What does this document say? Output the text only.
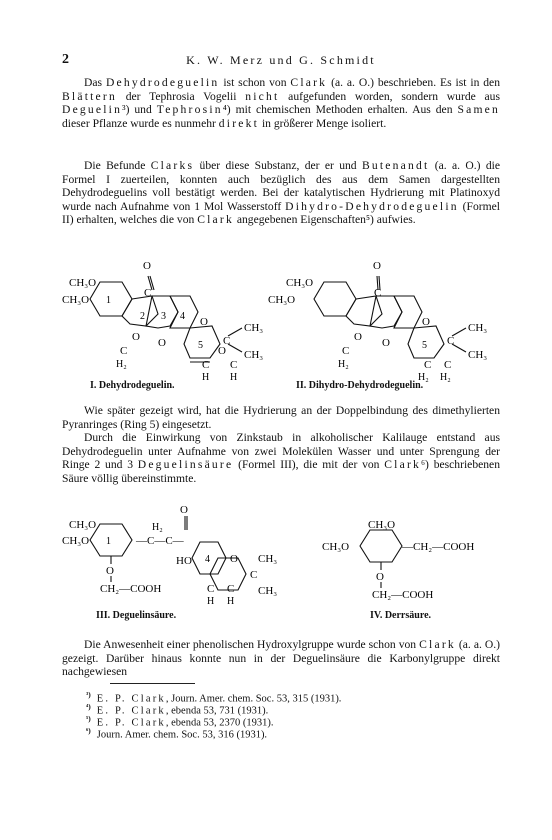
2	K. W. Merz und G. Schmidt

Das Dehydrodeguelin ist schon von Clark (a. a. O.) beschrieben. Es ist in den Blättern der Tephrosia Vogelii nicht aufgefunden worden, sondern wurde aus Deguelin³) und Tephrosin⁴) mit chemischen Methoden erhalten. Aus den Samen dieser Pflanze wurde es nunmehr direkt in größerer Menge isoliert.

Die Befunde Clarks über diese Substanz, der er und Butenandt (a. a. O.) die Formel I zuerteilen, konnten auch bezüglich des aus dem Samen dargestellten Dehydrodeguelins voll bestätigt werden. Bei der katalytischen Hydrierung mit Platinoxyd wurde nach Aufnahme von 1 Mol Wasserstoff Dihydro-Dehydrodeguelin (Formel II) erhalten, welches die von Clark angegebenen Eigenschaften⁵) aufwies.

O
C
CH₃O
CH₃O 1
2 3 4 O
5
O
C
H₂
O
O
C C
H H
C
CH₃
CH₃
I. Dehydrodeguelin.
O
C
CH₃O
CH₃O
O
C
H₂
O
O
5
C C
H₂ H₂
C
CH₃
CH₃
II. Dihydro-Dehydrodeguelin.

Wie später gezeigt wird, hat die Hydrierung an der Doppelbindung des dimethylierten Pyranringes (Ring 5) eingesetzt.

Durch die Einwirkung von Zinkstaub in alkoholischer Kalilauge entstand aus Dehydrodeguelin unter Aufnahme von zwei Molekülen Wasser und unter Sprengung der Ringe 2 und 3 Deguelinsäure (Formel III), die mit der von Clark⁶) beschriebenen Säure völlig übereinstimmte.

O
CH₃O
CH₃O 1
H₂
—C—C—
HO 4
O
O
CH₂—COOH	C C
H H
C
CH₃
CH₃
III. Deguelinsäure.
CH₃O
CH₃O	—CH₂—COOH
O
CH₂—COOH
IV. Derrsäure.

Die Anwesenheit einer phenolischen Hydroxylgruppe wurde schon von Clark (a. a. O.) gezeigt. Darüber hinaus konnte nun in der Deguelinsäure die Karbonylgruppe direkt nachgewiesen

$^{^3)}$ E. P. Clark, Journ. Amer. chem. Soc. 53, 315 (1931).
$^{^4)}$ E. P. Clark, ebenda 53, 731 (1931).
$^{^5)}$ E. P. Clark, ebenda 53, 2370 (1931).
$^{^6)}$ Journ. Amer. chem. Soc. 53, 316 (1931).
